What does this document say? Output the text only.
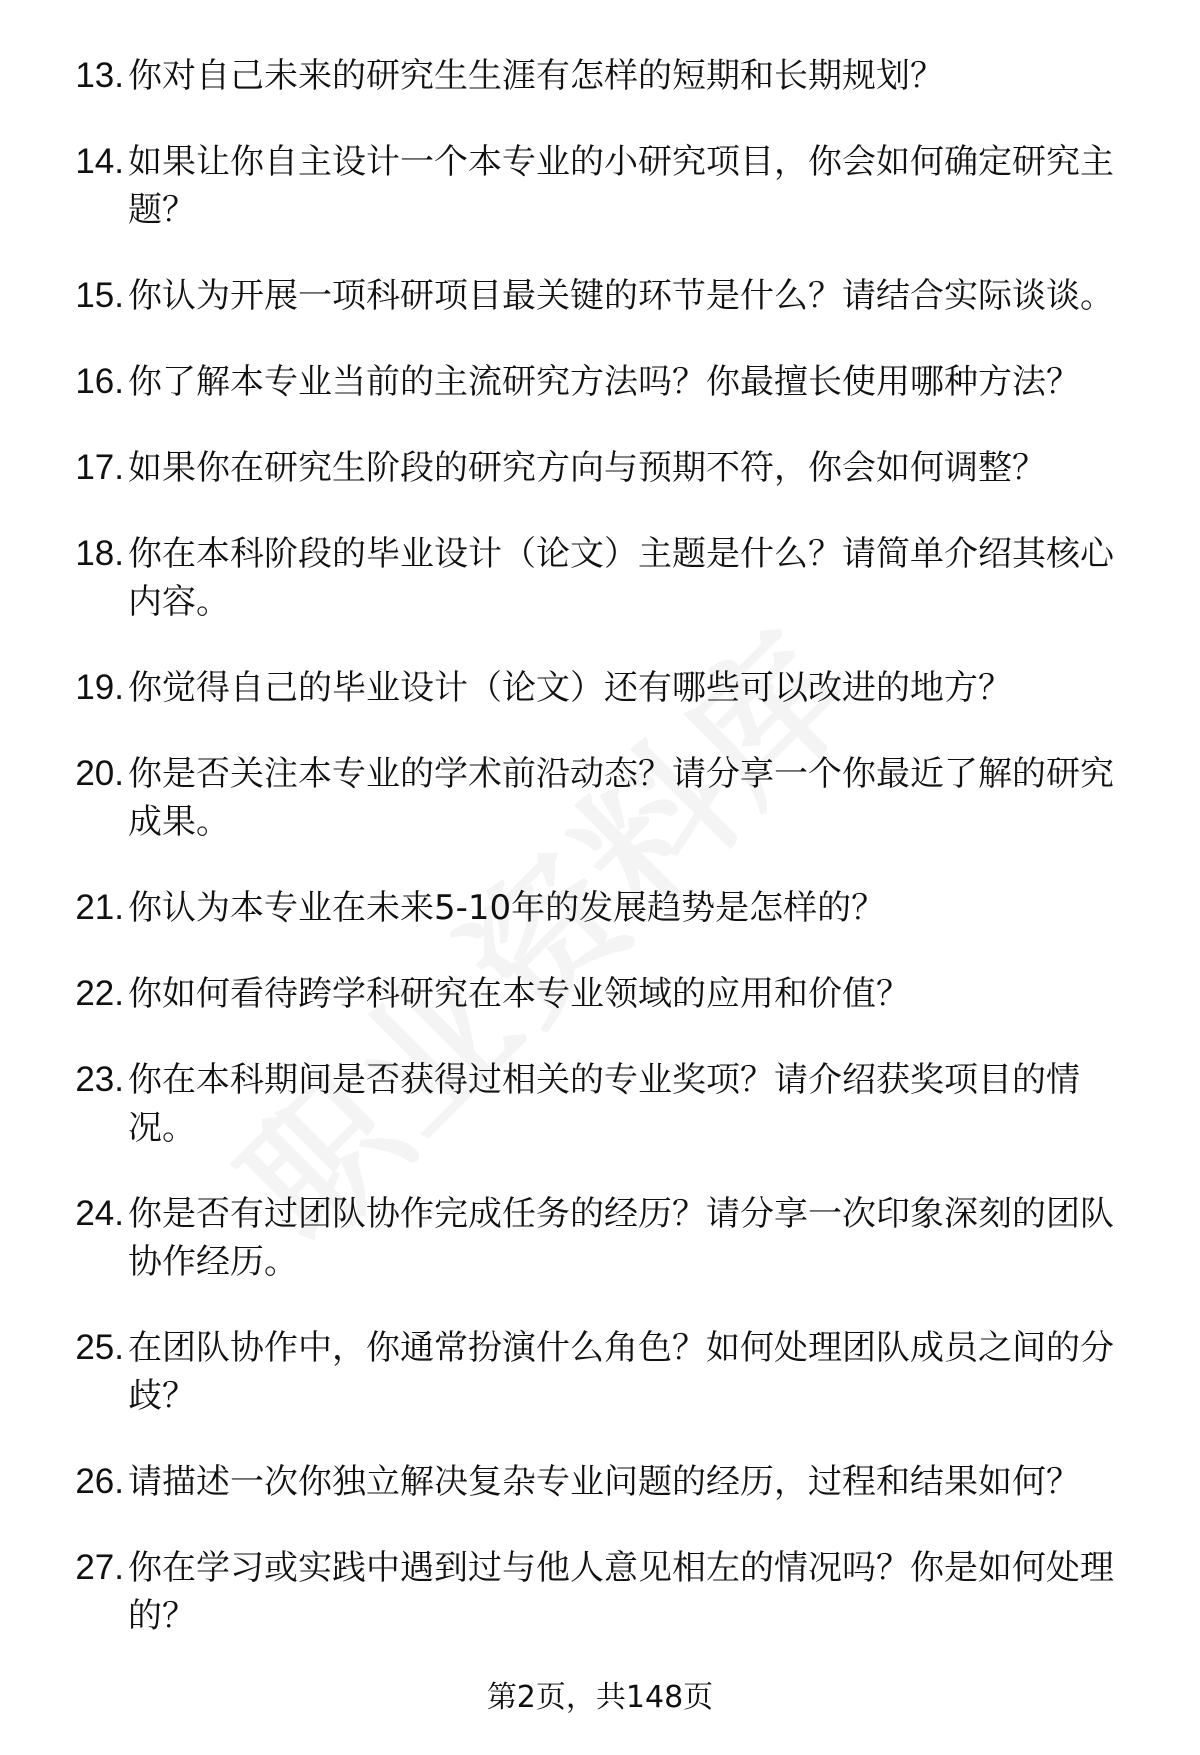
13. 你对自己未来的研究生生涯有怎样的短期和长期规划？
14. 如果让你自主设计一个本专业的小研究项目，你会如何确定研究主题？
15. 你认为开展一项科研项目最关键的环节是什么？请结合实际谈谈。
16. 你了解本专业当前的主流研究方法吗？你最擅长使用哪种方法？
17. 如果你在研究生阶段的研究方向与预期不符，你会如何调整？
18. 你在本科阶段的毕业设计（论文）主题是什么？请简单介绍其核心内容。
19. 你觉得自己的毕业设计（论文）还有哪些可以改进的地方？
20. 你是否关注本专业的学术前沿动态？请分享一个你最近了解的研究成果。
21. 你认为本专业在未来5-10年的发展趋势是怎样的？
22. 你如何看待跨学科研究在本专业领域的应用和价值？
23. 你在本科期间是否获得过相关的专业奖项？请介绍获奖项目的情况。
24. 你是否有过团队协作完成任务的经历？请分享一次印象深刻的团队协作经历。
25. 在团队协作中，你通常扮演什么角色？如何处理团队成员之间的分歧？
26. 请描述一次你独立解决复杂专业问题的经历，过程和结果如何？
27. 你在学习或实践中遇到过与他人意见相左的情况吗？你是如何处理的？
第2页，共148页
